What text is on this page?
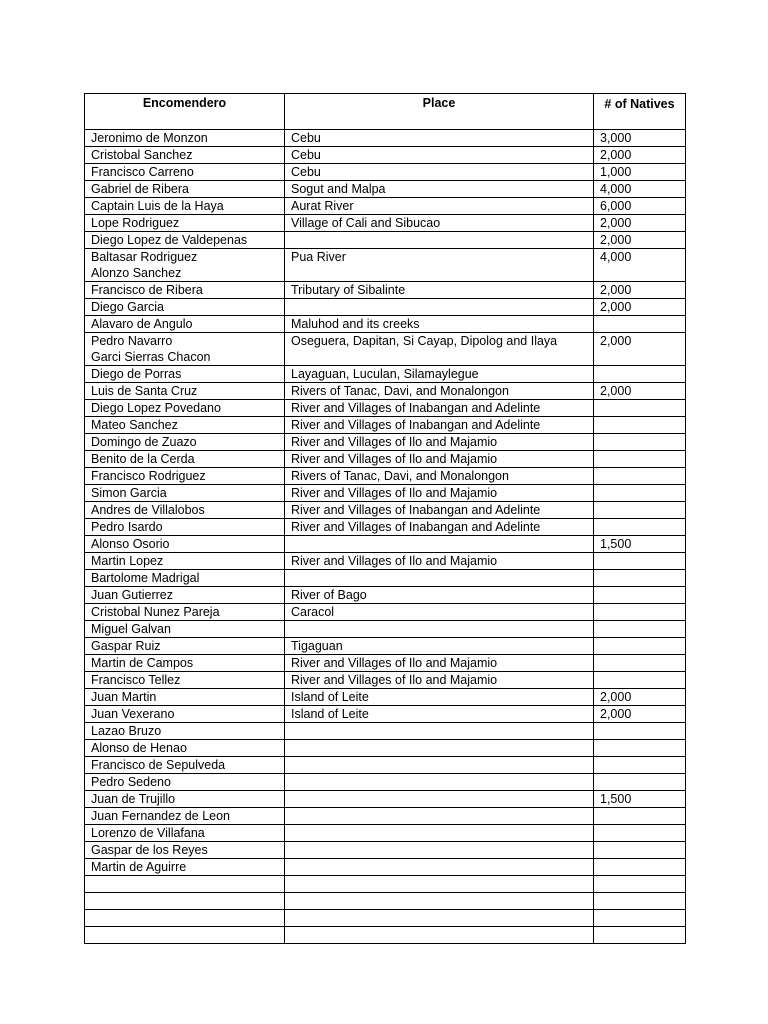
Encomendero	Place	# of Natives

Jeronimo de Monzon	Cebu	3,000

Cristobal Sanchez	Cebu	2,000

Francisco Carreno	Cebu	1,000

Gabriel de Ribera	Sogut and Malpa	4,000

Captain Luis de la Haya	Aurat River	6,000

Lope Rodriguez	Village of Cali and Sibucao	2,000

Diego Lopez de Valdepenas		2,000

Baltasar Rodriguez
Alonzo Sanchez	Pua River	4,000

Francisco de Ribera	Tributary of Sibalinte	2,000

Diego Garcia		2,000

Alavaro de Angulo	Maluhod and its creeks	

Pedro Navarro
Garci Sierras Chacon	Oseguera, Dapitan, Si Cayap, Dipolog and Ilaya	2,000

Diego de Porras	Layaguan, Luculan, Silamaylegue	

Luis de Santa Cruz	Rivers of Tanac, Davi, and Monalongon	2,000

Diego Lopez Povedano	River and Villages of Inabangan and Adelinte	

Mateo Sanchez	River and Villages of Inabangan and Adelinte	

Domingo de Zuazo	River and Villages of Ilo and Majamio	

Benito de la Cerda	River and Villages of Ilo and Majamio	

Francisco Rodriguez	Rivers of Tanac, Davi, and Monalongon	

Simon Garcia	River and Villages of Ilo and Majamio	

Andres de Villalobos	River and Villages of Inabangan and Adelinte	

Pedro Isardo	River and Villages of Inabangan and Adelinte	

Alonso Osorio		1,500

Martin Lopez	River and Villages of Ilo and Majamio	

Bartolome Madrigal		

Juan Gutierrez	River of Bago	

Cristobal Nunez Pareja	Caracol	

Miguel Galvan		

Gaspar Ruiz	Tigaguan	

Martin de Campos	River and Villages of Ilo and Majamio	

Francisco Tellez	River and Villages of Ilo and Majamio	

Juan Martin	Island of Leite	2,000

Juan Vexerano	Island of Leite	2,000

Lazao Bruzo		

Alonso de Henao		

Francisco de Sepulveda		

Pedro Sedeno		

Juan de Trujillo		1,500

Juan Fernandez de Leon		

Lorenzo de Villafana		

Gaspar de los Reyes		

Martin de Aguirre		
